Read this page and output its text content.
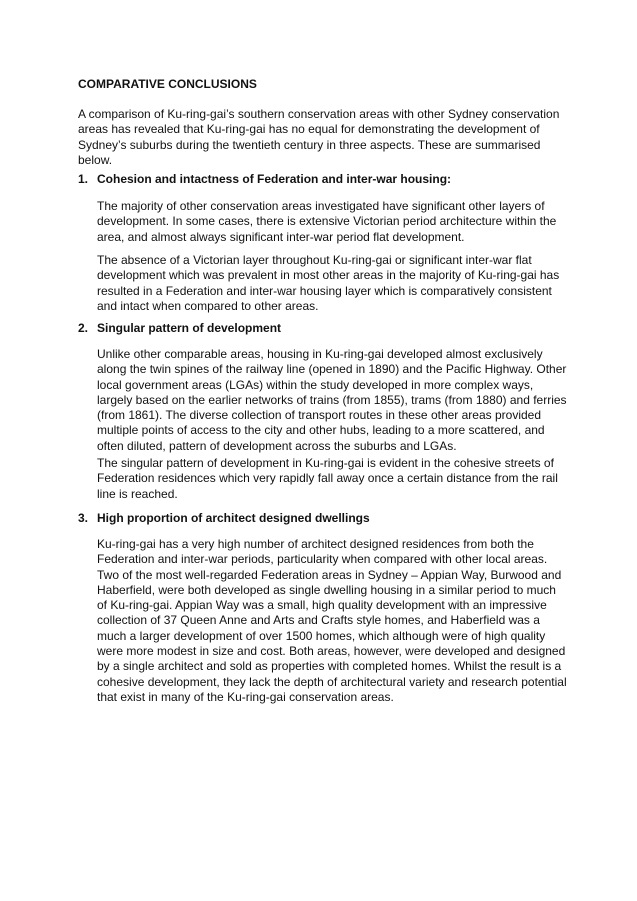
COMPARATIVE CONCLUSIONS

A comparison of Ku-ring-gai’s southern conservation areas with other Sydney conservation areas has revealed that Ku-ring-gai has no equal for demonstrating the development of Sydney’s suburbs during the twentieth century in three aspects. These are summarised below.

1. Cohesion and intactness of Federation and inter-war housing:

The majority of other conservation areas investigated have significant other layers of development. In some cases, there is extensive Victorian period architecture within the area, and almost always significant inter-war period flat development.

The absence of a Victorian layer throughout Ku-ring-gai or significant inter-war flat development which was prevalent in most other areas in the majority of Ku-ring-gai has resulted in a Federation and inter-war housing layer which is comparatively consistent and intact when compared to other areas.

2. Singular pattern of development

Unlike other comparable areas, housing in Ku-ring-gai developed almost exclusively along the twin spines of the railway line (opened in 1890) and the Pacific Highway. Other local government areas (LGAs) within the study developed in more complex ways, largely based on the earlier networks of trains (from 1855), trams (from 1880) and ferries (from 1861). The diverse collection of transport routes in these other areas provided multiple points of access to the city and other hubs, leading to a more scattered, and often diluted, pattern of development across the suburbs and LGAs.

The singular pattern of development in Ku-ring-gai is evident in the cohesive streets of Federation residences which very rapidly fall away once a certain distance from the rail line is reached.

3. High proportion of architect designed dwellings

Ku-ring-gai has a very high number of architect designed residences from both the Federation and inter-war periods, particularity when compared with other local areas. Two of the most well-regarded Federation areas in Sydney – Appian Way, Burwood and Haberfield, were both developed as single dwelling housing in a similar period to much of Ku-ring-gai. Appian Way was a small, high quality development with an impressive collection of 37 Queen Anne and Arts and Crafts style homes, and Haberfield was a much a larger development of over 1500 homes, which although were of high quality were more modest in size and cost. Both areas, however, were developed and designed by a single architect and sold as properties with completed homes. Whilst the result is a cohesive development, they lack the depth of architectural variety and research potential that exist in many of the Ku-ring-gai conservation areas.
